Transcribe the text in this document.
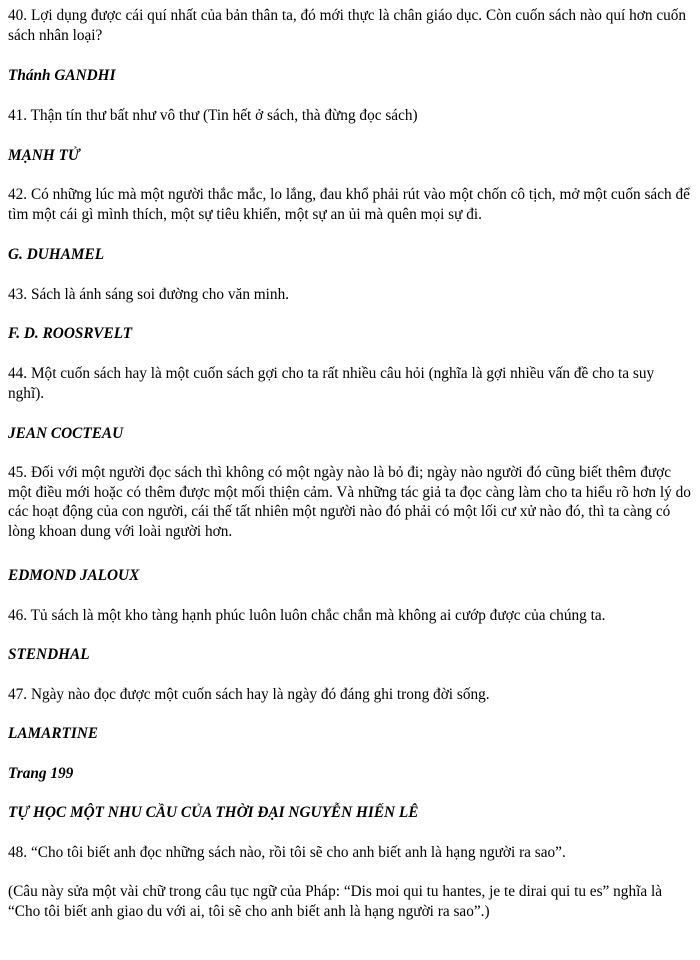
40. Lợi dụng được cái quí nhất của bản thân ta, đó mới thực là chân giáo dục. Còn cuốn sách nào quí hơn cuốn sách nhân loại?

Thánh GANDHI

41. Thận tín thư bất như vô thư (Tin hết ở sách, thà đừng đọc sách)

MẠNH TỬ

42. Có những lúc mà một người thắc mắc, lo lắng, đau khổ phải rút vào một chốn cô tịch, mở một cuốn sách để tìm một cái gì mình thích, một sự tiêu khiển, một sự an ủi mà quên mọi sự đi.

G. DUHAMEL

43. Sách là ánh sáng soi đường cho văn minh.

F. D. ROOSRVELT

44. Một cuốn sách hay là một cuốn sách gợi cho ta rất nhiều câu hỏi (nghĩa là gợi nhiều vấn đề cho ta suy nghĩ).

JEAN COCTEAU

45. Đối với một người đọc sách thì không có một ngày nào là bỏ đi; ngày nào người đó cũng biết thêm được một điều mới hoặc có thêm được một mối thiện cảm. Và những tác giả ta đọc càng làm cho ta hiểu rõ hơn lý do các hoạt động của con người, cái thế tất nhiên một người nào đó phải có một lối cư xử nào đó, thì ta càng có lòng khoan dung với loài người hơn.

EDMOND JALOUX

46. Tủ sách là một kho tàng hạnh phúc luôn luôn chắc chắn mà không ai cướp được của chúng ta.

STENDHAL

47. Ngày nào đọc được một cuốn sách hay là ngày đó đáng ghi trong đời sống.

LAMARTINE

Trang 199

TỰ HỌC MỘT NHU CẦU CỦA THỜI ĐẠI NGUYỄN HIẾN LÊ

48. “Cho tôi biết anh đọc những sách nào, rồi tôi sẽ cho anh biết anh là hạng người ra sao”.

(Câu này sửa một vài chữ trong câu tục ngữ của Pháp: “Dis moi qui tu hantes, je te dirai qui tu es” nghĩa là “Cho tôi biết anh giao du với ai, tôi sẽ cho anh biết anh là hạng người ra sao”.)
